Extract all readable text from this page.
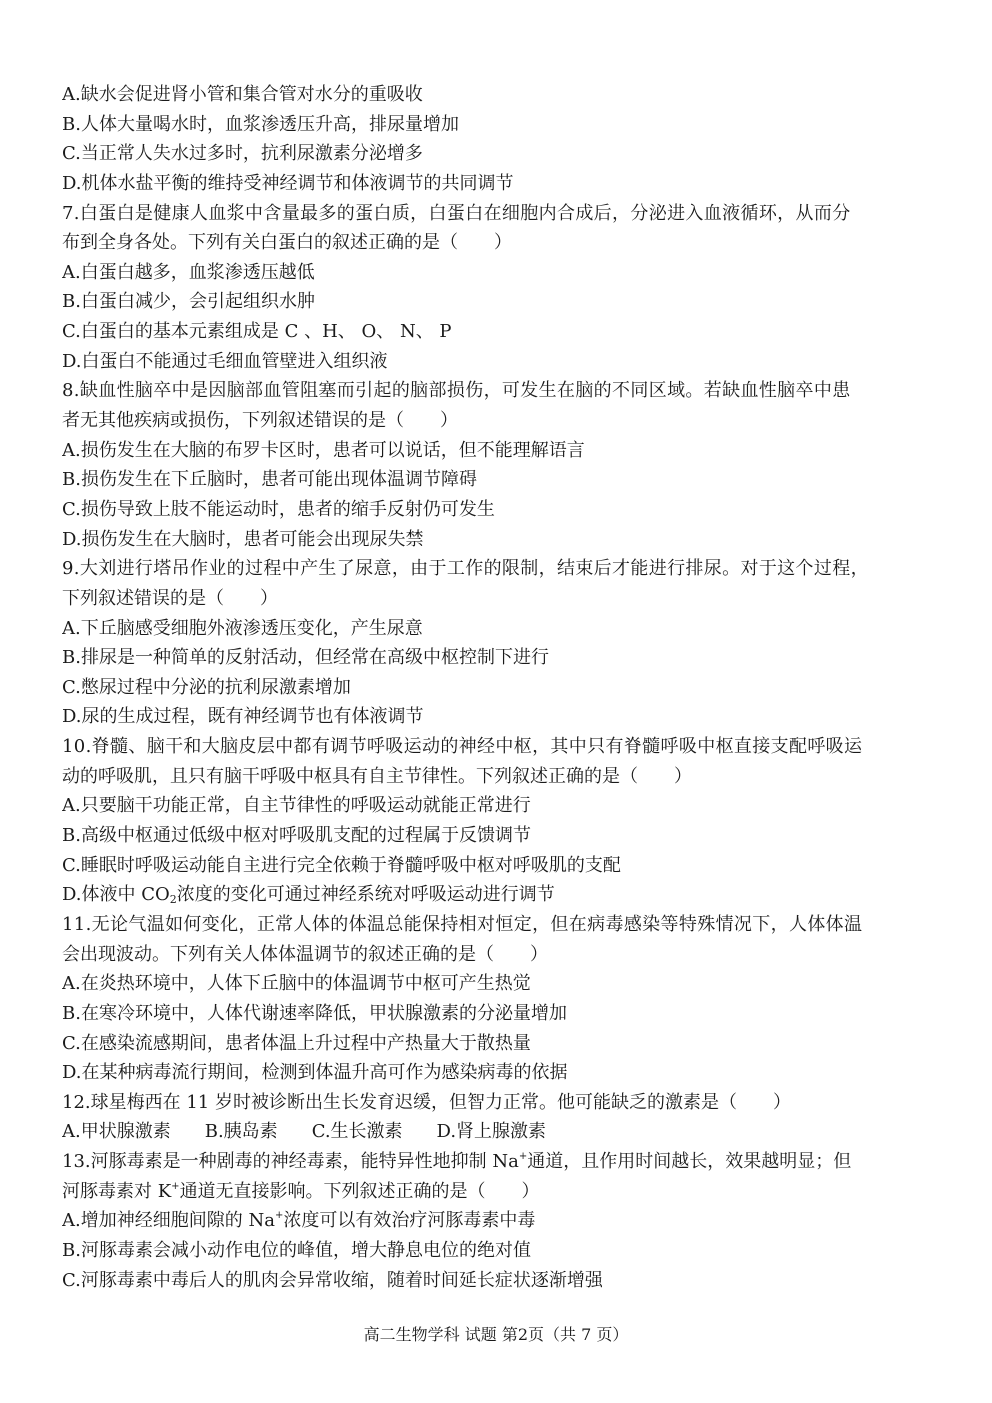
A.缺水会促进肾小管和集合管对水分的重吸收
B.人体大量喝水时，血浆渗透压升高，排尿量增加
C.当正常人失水过多时，抗利尿激素分泌增多
D.机体水盐平衡的维持受神经调节和体液调节的共同调节
7.白蛋白是健康人血浆中含量最多的蛋白质，白蛋白在细胞内合成后，分泌进入血液循环，从而分
布到全身各处。下列有关白蛋白的叙述正确的是（　　）
A.白蛋白越多，血浆渗透压越低
B.白蛋白减少，会引起组织水肿
C.白蛋白的基本元素组成是 C 、H、 O、 N、 P
D.白蛋白不能通过毛细血管壁进入组织液
8.缺血性脑卒中是因脑部血管阻塞而引起的脑部损伤，可发生在脑的不同区域。若缺血性脑卒中患
者无其他疾病或损伤，下列叙述错误的是（　　）
A.损伤发生在大脑的布罗卡区时，患者可以说话，但不能理解语言
B.损伤发生在下丘脑时，患者可能出现体温调节障碍
C.损伤导致上肢不能运动时，患者的缩手反射仍可发生
D.损伤发生在大脑时，患者可能会出现尿失禁
9.大刘进行塔吊作业的过程中产生了尿意，由于工作的限制，结束后才能进行排尿。对于这个过程，
下列叙述错误的是（　　）
A.下丘脑感受细胞外液渗透压变化，产生尿意
B.排尿是一种简单的反射活动，但经常在高级中枢控制下进行
C.憋尿过程中分泌的抗利尿激素增加
D.尿的生成过程，既有神经调节也有体液调节
10.脊髓、脑干和大脑皮层中都有调节呼吸运动的神经中枢，其中只有脊髓呼吸中枢直接支配呼吸运
动的呼吸肌，且只有脑干呼吸中枢具有自主节律性。下列叙述正确的是（　　）
A.只要脑干功能正常，自主节律性的呼吸运动就能正常进行
B.高级中枢通过低级中枢对呼吸肌支配的过程属于反馈调节
C.睡眠时呼吸运动能自主进行完全依赖于脊髓呼吸中枢对呼吸肌的支配
D.体液中 $CO_2$浓度的变化可通过神经系统对呼吸运动进行调节
11.无论气温如何变化，正常人体的体温总能保持相对恒定，但在病毒感染等特殊情况下，人体体温
会出现波动。下列有关人体体温调节的叙述正确的是（　　）
A.在炎热环境中，人体下丘脑中的体温调节中枢可产生热觉
B.在寒冷环境中，人体代谢速率降低，甲状腺激素的分泌量增加
C.在感染流感期间，患者体温上升过程中产热量大于散热量
D.在某种病毒流行期间，检测到体温升高可作为感染病毒的依据
12.球星梅西在 11 岁时被诊断出生长发育迟缓，但智力正常。他可能缺乏的激素是（　　）
A.甲状腺激素 B.胰岛素 C.生长激素 D.肾上腺激素
13.河豚毒素是一种剧毒的神经毒素，能特异性地抑制 Na+通道，且作用时间越长，效果越明显；但
河豚毒素对 K+通道无直接影响。下列叙述正确的是（　　）
A.增加神经细胞间隙的 Na+浓度可以有效治疗河豚毒素中毒
B.河豚毒素会减小动作电位的峰值，增大静息电位的绝对值
C.河豚毒素中毒后人的肌肉会异常收缩，随着时间延长症状逐渐增强
高二生物学科 试题 第2页（共 7 页）
